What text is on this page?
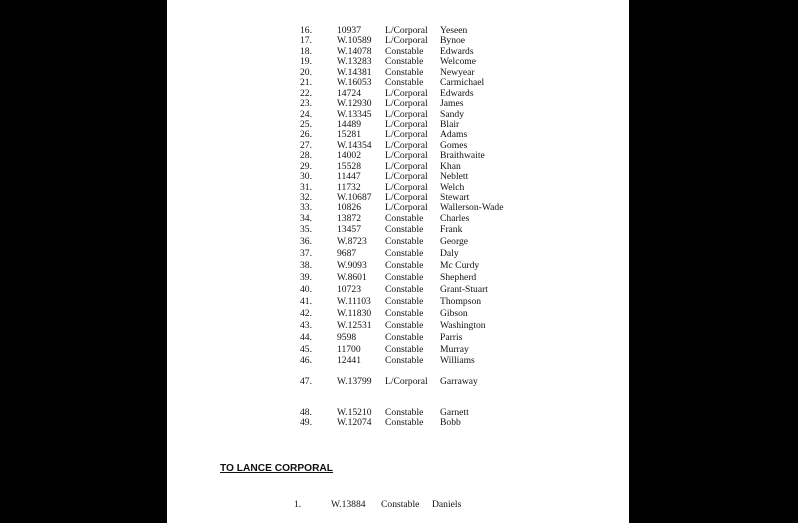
16.	10937	L/Corporal Yeseen
17.	W.10589 L/Corporal Bynoe
18.	W.14078 Constable Edwards
19.	W.13283 Constable Welcome
20.	W.14381 Constable Newyear
21.	W.16053 Constable Carmichael
22.	14724	L/Corporal Edwards
23.	W.12930 L/Corporal James
24.	W.13345 L/Corporal Sandy
25.	14489	L/Corporal Blair
26.	15281	L/Corporal Adams
27.	W.14354 L/Corporal Gomes
28.	14002	L/Corporal Braithwaite
29.	15528	L/Corporal Khan
30.	11447	L/Corporal Neblett
31.	11732	L/Corporal Welch
32.	W.10687 L/Corporal Stewart
33.	10826	L/Corporal Wallerson-Wade
34.	13872	Constable Charles
35.	13457	Constable Frank
36.	W.8723 Constable George
37.	9687	Constable Daly
38.	W.9093 Constable Mc Curdy
39.	W.8601 Constable Shepherd
40.	10723	Constable Grant-Stuart
41.	W.11103 Constable Thompson
42.	W.11830 Constable Gibson
43.	W.12531 Constable Washington
44.	9598	Constable Parris
45.	11700	Constable Murray
46.	12441	Constable Williams
47.	W.13799 L/Corporal Garraway
48.	W.15210 Constable Garnett
49.	W.12074 Constable Bobb
TO LANCE CORPORAL
1.	W.13884 Constable Daniels
